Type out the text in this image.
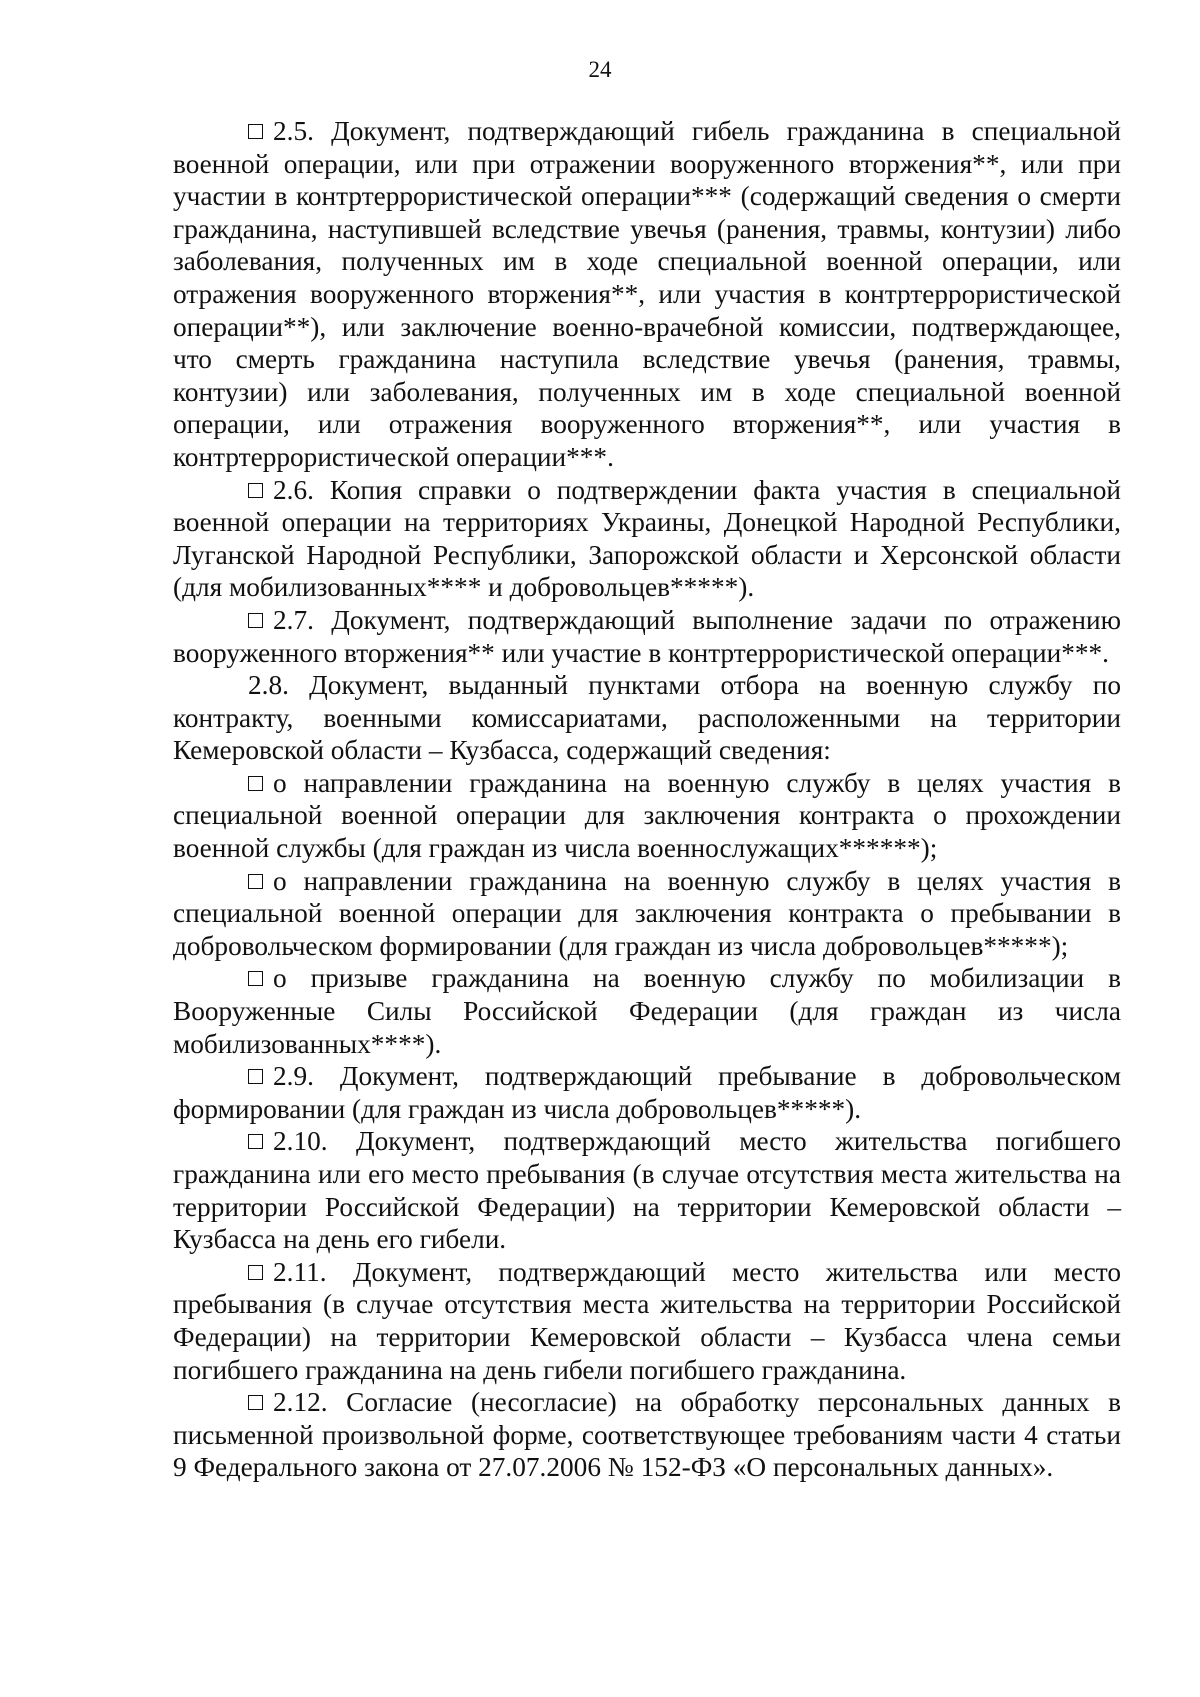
24

2.5. Документ, подтверждающий гибель гражданина в специальной военной операции, или при отражении вооруженного вторжения**, или при участии в контртеррористической операции*** (содержащий сведения о смерти гражданина, наступившей вследствие увечья (ранения, травмы, контузии) либо заболевания, полученных им в ходе специальной военной операции, или отражения вооруженного вторжения**, или участия в контртеррористической операции**), или заключение военно-врачебной комиссии, подтверждающее, что смерть гражданина наступила вследствие увечья (ранения, травмы, контузии) или заболевания, полученных им в ходе специальной военной операции, или отражения вооруженного вторжения**, или участия в контртеррористической операции***.

2.6. Копия справки о подтверждении факта участия в специальной военной операции на территориях Украины, Донецкой Народной Республики, Луганской Народной Республики, Запорожской области и Херсонской области (для мобилизованных**** и добровольцев*****).

2.7. Документ, подтверждающий выполнение задачи по отражению вооруженного вторжения** или участие в контртеррористической операции***.

2.8. Документ, выданный пунктами отбора на военную службу по контракту, военными комиссариатами, расположенными на территории Кемеровской области – Кузбасса, содержащий сведения:

о направлении гражданина на военную службу в целях участия в специальной военной операции для заключения контракта о прохождении военной службы (для граждан из числа военнослужащих******);

о направлении гражданина на военную службу в целях участия в специальной военной операции для заключения контракта о пребывании в добровольческом формировании (для граждан из числа добровольцев*****);

о призыве гражданина на военную службу по мобилизации в Вооруженные Силы Российской Федерации (для граждан из числа мобилизованных****).

2.9. Документ, подтверждающий пребывание в добровольческом формировании (для граждан из числа добровольцев*****).

2.10. Документ, подтверждающий место жительства погибшего гражданина или его место пребывания (в случае отсутствия места жительства на территории Российской Федерации) на территории Кемеровской области – Кузбасса на день его гибели.

2.11. Документ, подтверждающий место жительства или место пребывания (в случае отсутствия места жительства на территории Российской Федерации) на территории Кемеровской области – Кузбасса члена семьи погибшего гражданина на день гибели погибшего гражданина.

2.12. Согласие (несогласие) на обработку персональных данных в письменной произвольной форме, соответствующее требованиям части 4 статьи 9 Федерального закона от 27.07.2006 № 152-ФЗ «О персональных данных».
